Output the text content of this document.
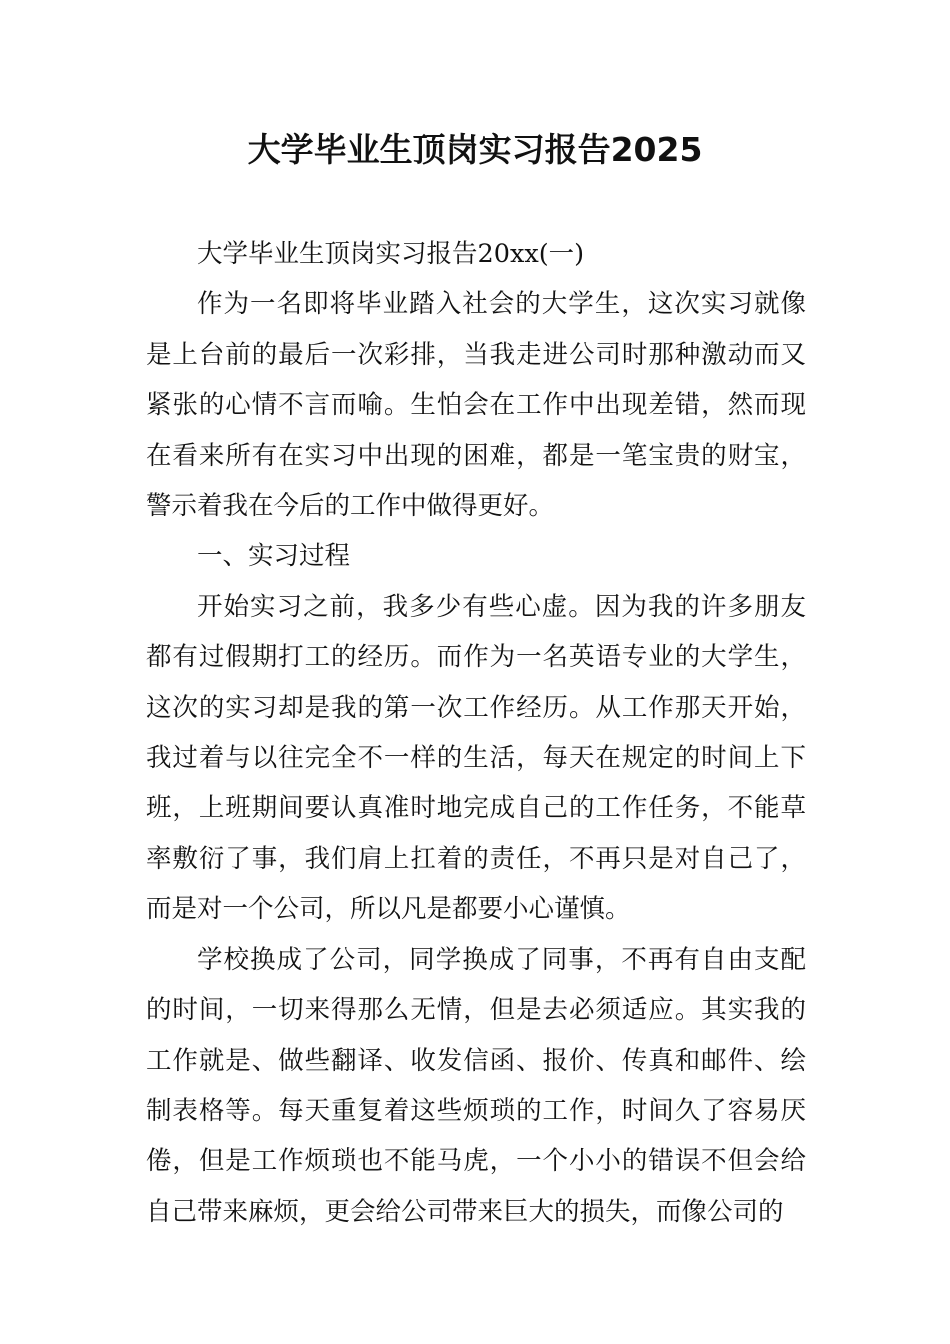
大学毕业生顶岗实习报告2025

大学毕业生顶岗实习报告20xx(一)

作为一名即将毕业踏入社会的大学生，这次实习就像是上台前的最后一次彩排，当我走进公司时那种激动而又紧张的心情不言而喻。生怕会在工作中出现差错，然而现在看来所有在实习中出现的困难，都是一笔宝贵的财宝，警示着我在今后的工作中做得更好。

一、实习过程

开始实习之前，我多少有些心虚。因为我的许多朋友都有过假期打工的经历。而作为一名英语专业的大学生，这次的实习却是我的第一次工作经历。从工作那天开始，我过着与以往完全不一样的生活，每天在规定的时间上下班，上班期间要认真准时地完成自己的工作任务，不能草率敷衍了事，我们肩上扛着的责任，不再只是对自己了，而是对一个公司，所以凡是都要小心谨慎。

学校换成了公司，同学换成了同事，不再有自由支配的时间，一切来得那么无情，但是去必须适应。其实我的工作就是、做些翻译、收发信函、报价、传真和邮件、绘制表格等。每天重复着这些烦琐的工作，时间久了容易厌倦，但是工作烦琐也不能马虎，一个小小的错误不但会给自己带来麻烦，更会给公司带来巨大的损失，而像公司的
